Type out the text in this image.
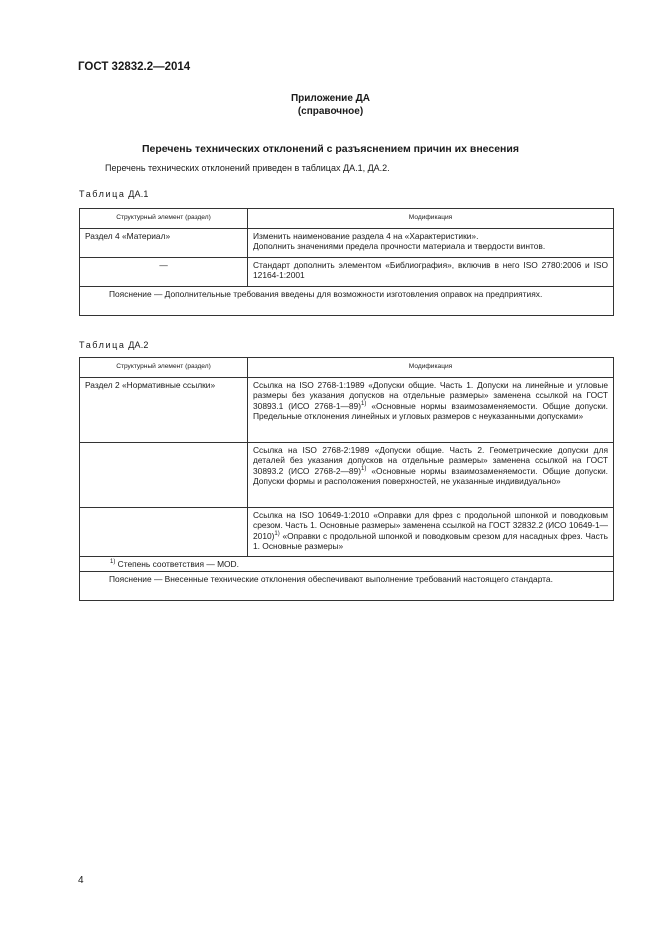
ГОСТ 32832.2—2014
Приложение ДА
(справочное)
Перечень технических отклонений с разъяснением причин их внесения
Перечень технических отклонений приведен в таблицах ДА.1, ДА.2.
Таблица ДА.1
Структурный элемент (раздел)	Модификация
Раздел 4 «Материал»	Изменить наименование раздела 4 на «Характеристики».
Дополнить значениями предела прочности материала и твердости винтов.

—	Стандарт дополнить элементом «Библиография», включив в него ISO 2780:2006 и ISO 12164-1:2001
Пояснение — Дополнительные требования введены для возможности изготовления оправок на предприятиях.	
Таблица ДА.2
Структурный элемент (раздел)	Модификация
Раздел 2 «Нормативные ссылки»	Ссылка на ISO 2768-1:1989 «Допуски общие. Часть 1. Допуски на линейные и угловые размеры без указания допусков на отдельные размеры» заменена ссылкой на ГОСТ 30893.1 (ИСО 2768-1—89)$^{1)}$ «Основные нормы взаимозаменяемости. Общие допуски. Предельные отклонения линейных и угловых размеров с неуказанными допусками»
	Ссылка на ISO 2768-2:1989 «Допуски общие. Часть 2. Геометрические допуски для деталей без указания допусков на отдельные размеры» заменена ссылкой на ГОСТ 30893.2 (ИСО 2768-2—89)$^{1)}$ «Основные нормы взаимозаменяемости. Общие допуски. Допуски формы и расположения поверхностей, не указанные индивидуально»
	Ссылка на ISO 10649-1:2010 «Оправки для фрез с продольной шпонкой и поводковым срезом. Часть 1. Основные размеры» заменена ссылкой на ГОСТ 32832.2 (ИСО 10649-1—2010)$^{1)}$ «Оправки с продольной шпонкой и поводковым срезом для насадных фрез. Часть 1. Основные размеры»
$^{1)}$ Степень соответствия — MOD.	
Пояснение — Внесенные технические отклонения обеспечивают выполнение требований настоящего стандарта.	
4
